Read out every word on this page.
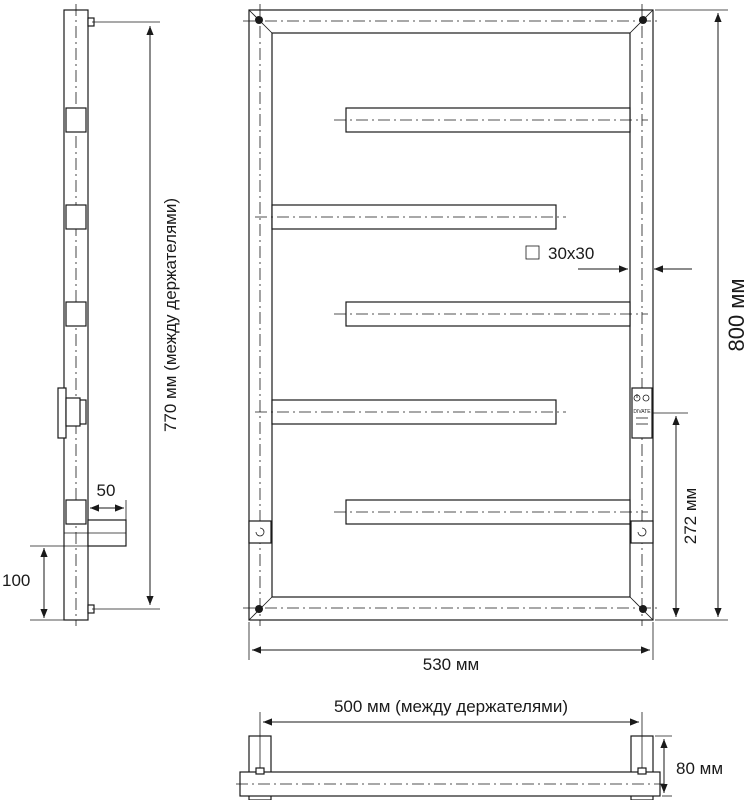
770 мм (между держателями)
50
100
DIVATE
30x30
800 мм
272 мм
530 мм
500 мм (между держателями)
80 мм
